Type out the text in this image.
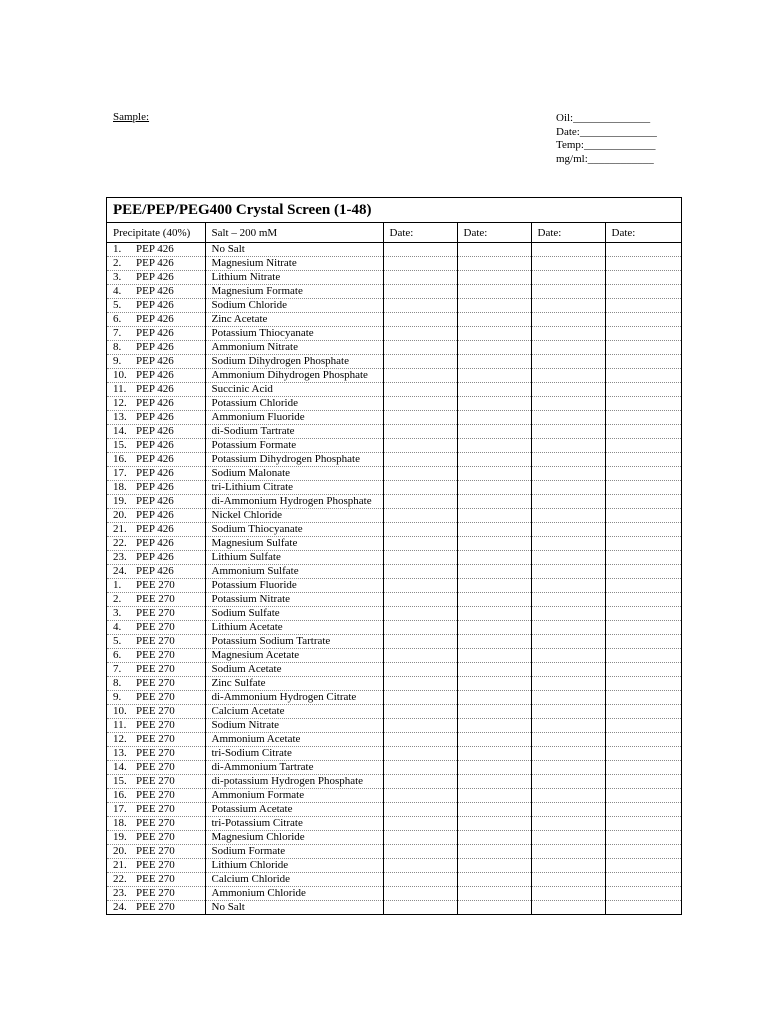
Sample:	Oil:______________
Date:______________
Temp:_____________
mg/ml:____________
PEE/PEP/PEG400 Crystal Screen (1-48)
Precipitate (40%)	Salt – 200 mM	Date:	Date:	Date:	Date:
1. PEP 426	No Salt				
2. PEP 426	Magnesium Nitrate				
3. PEP 426	Lithium Nitrate				
4. PEP 426	Magnesium Formate				
5. PEP 426	Sodium Chloride				
6. PEP 426	Zinc Acetate				
7. PEP 426	Potassium Thiocyanate				
8. PEP 426	Ammonium Nitrate				
9. PEP 426	Sodium Dihydrogen Phosphate				
10. PEP 426	Ammonium Dihydrogen Phosphate				
11. PEP 426	Succinic Acid				
12. PEP 426	Potassium Chloride				
13. PEP 426	Ammonium Fluoride				
14. PEP 426	di-Sodium Tartrate				
15. PEP 426	Potassium Formate				
16. PEP 426	Potassium Dihydrogen Phosphate				
17. PEP 426	Sodium Malonate				
18. PEP 426	tri-Lithium Citrate				
19. PEP 426	di-Ammonium Hydrogen Phosphate				
20. PEP 426	Nickel Chloride				
21. PEP 426	Sodium Thiocyanate				
22. PEP 426	Magnesium Sulfate				
23. PEP 426	Lithium Sulfate				
24. PEP 426	Ammonium Sulfate				
1. PEE 270	Potassium Fluoride				
2. PEE 270	Potassium Nitrate				
3. PEE 270	Sodium Sulfate				
4. PEE 270	Lithium Acetate				
5. PEE 270	Potassium Sodium Tartrate				
6. PEE 270	Magnesium Acetate				
7. PEE 270	Sodium Acetate				
8. PEE 270	Zinc Sulfate				
9. PEE 270	di-Ammonium Hydrogen Citrate				
10. PEE 270	Calcium Acetate				
11. PEE 270	Sodium Nitrate				
12. PEE 270	Ammonium Acetate				
13. PEE 270	tri-Sodium Citrate				
14. PEE 270	di-Ammonium Tartrate				
15. PEE 270	di-potassium Hydrogen Phosphate				
16. PEE 270	Ammonium Formate				
17. PEE 270	Potassium Acetate				
18. PEE 270	tri-Potassium Citrate				
19. PEE 270	Magnesium Chloride				
20. PEE 270	Sodium Formate				
21. PEE 270	Lithium Chloride				
22. PEE 270	Calcium Chloride				
23. PEE 270	Ammonium Chloride				
24. PEE 270	No Salt				
